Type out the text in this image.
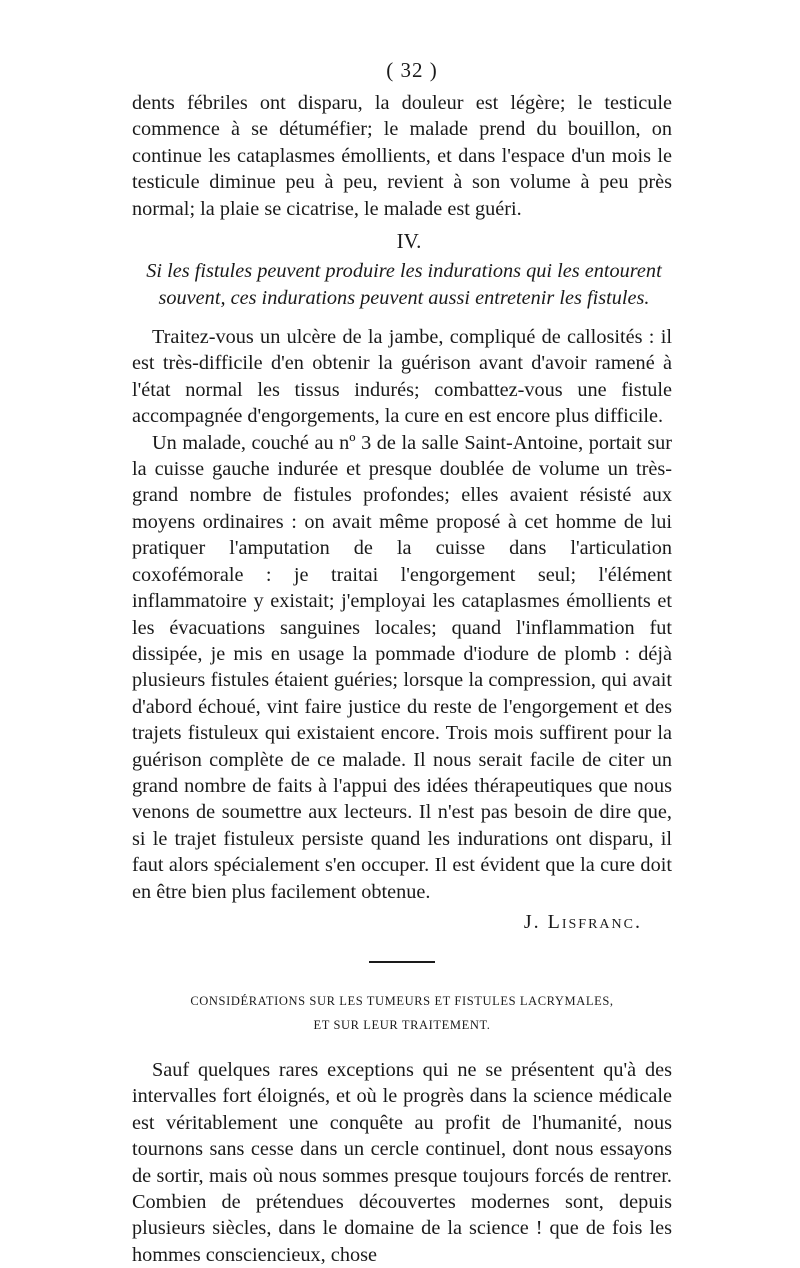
( 32 )

dents fébriles ont disparu, la douleur est légère; le testicule commence à se détuméfier; le malade prend du bouillon, on continue les cataplasmes émollients, et dans l'espace d'un mois le testicule diminue peu à peu, revient à son volume à peu près normal; la plaie se cicatrise, le malade est guéri.

IV.
Si les fistules peuvent produire les indurations qui les entourent souvent, ces indurations peuvent aussi entretenir les fistules.

Traitez-vous un ulcère de la jambe, compliqué de callosités : il est très-difficile d'en obtenir la guérison avant d'avoir ramené à l'état normal les tissus indurés; combattez-vous une fistule accompagnée d'engorgements, la cure en est encore plus difficile.

Un malade, couché au nº 3 de la salle Saint-Antoine, portait sur la cuisse gauche indurée et presque doublée de volume un très-grand nombre de fistules profondes; elles avaient résisté aux moyens ordinaires : on avait même proposé à cet homme de lui pratiquer l'amputation de la cuisse dans l'articulation coxofémorale : je traitai l'engorgement seul; l'élément inflammatoire y existait; j'employai les cataplasmes émollients et les évacuations sanguines locales; quand l'inflammation fut dissipée, je mis en usage la pommade d'iodure de plomb : déjà plusieurs fistules étaient guéries; lorsque la compression, qui avait d'abord échoué, vint faire justice du reste de l'engorgement et des trajets fistuleux qui existaient encore. Trois mois suffirent pour la guérison complète de ce malade. Il nous serait facile de citer un grand nombre de faits à l'appui des idées thérapeutiques que nous venons de soumettre aux lecteurs. Il n'est pas besoin de dire que, si le trajet fistuleux persiste quand les indurations ont disparu, il faut alors spécialement s'en occuper. Il est évident que la cure doit en être bien plus facilement obtenue.

J. Lisfranc.
CONSIDÉRATIONS SUR LES TUMEURS ET FISTULES LACRYMALES,
ET SUR LEUR TRAITEMENT.

Sauf quelques rares exceptions qui ne se présentent qu'à des intervalles fort éloignés, et où le progrès dans la science médicale est véritablement une conquête au profit de l'humanité, nous tournons sans cesse dans un cercle continuel, dont nous essayons de sortir, mais où nous sommes presque toujours forcés de rentrer. Combien de prétendues découvertes modernes sont, depuis plusieurs siècles, dans le domaine de la science ! que de fois les hommes consciencieux, chose
